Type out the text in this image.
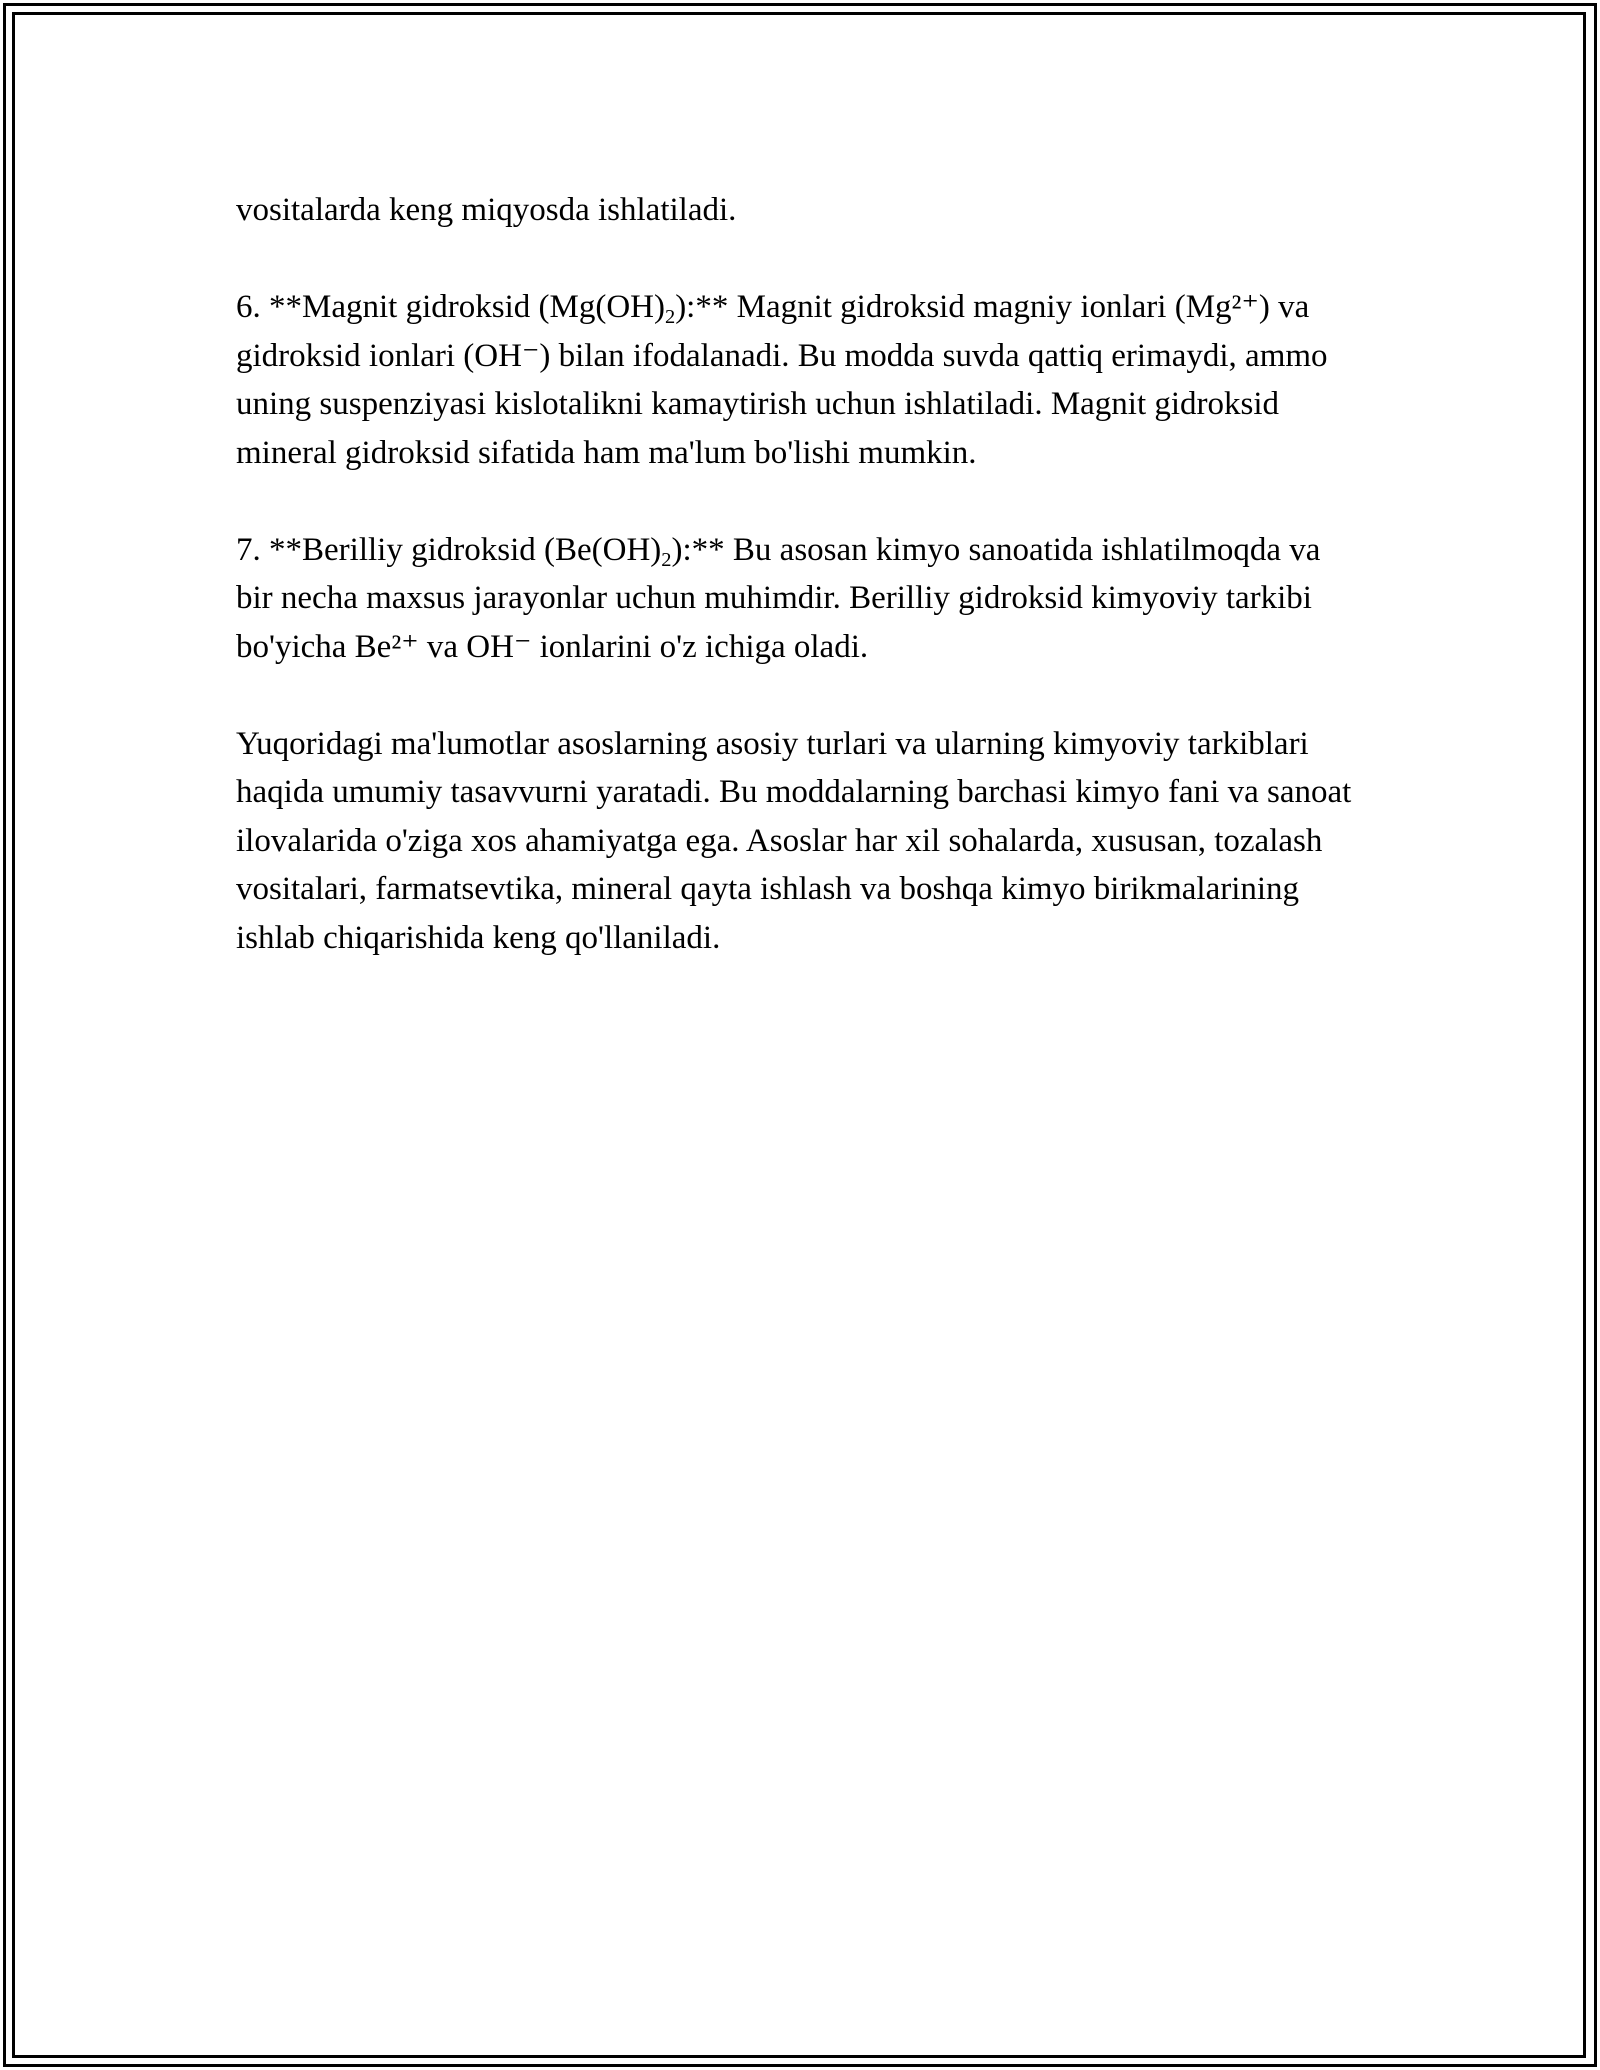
vositalarda keng miqyosda ishlatiladi.

6. **Magnit gidroksid $(Mg(OH)_2):**$ Magnit gidroksid magniy ionlari (Mg²⁺) va gidroksid ionlari (OH⁻) bilan ifodalanadi. Bu modda suvda qattiq erimaydi, ammo uning suspenziyasi kislotalikni kamaytirish uchun ishlatiladi. Magnit gidroksid mineral gidroksid sifatida ham ma'lum bo'lishi mumkin.

7. **Berilliy gidroksid $(Be(OH)_2):**$ Bu asosan kimyo sanoatida ishlatilmoqda va bir necha maxsus jarayonlar uchun muhimdir. Berilliy gidroksid kimyoviy tarkibi bo'yicha Be²⁺ va OH⁻ ionlarini o'z ichiga oladi.

Yuqoridagi ma'lumotlar asoslarning asosiy turlari va ularning kimyoviy tarkiblari haqida umumiy tasavvurni yaratadi. Bu moddalarning barchasi kimyo fani va sanoat ilovalarida o'ziga xos ahamiyatga ega. Asoslar har xil sohalarda, xususan, tozalash vositalari, farmatsevtika, mineral qayta ishlash va boshqa kimyo birikmalarining ishlab chiqarishida keng qo'llaniladi.
